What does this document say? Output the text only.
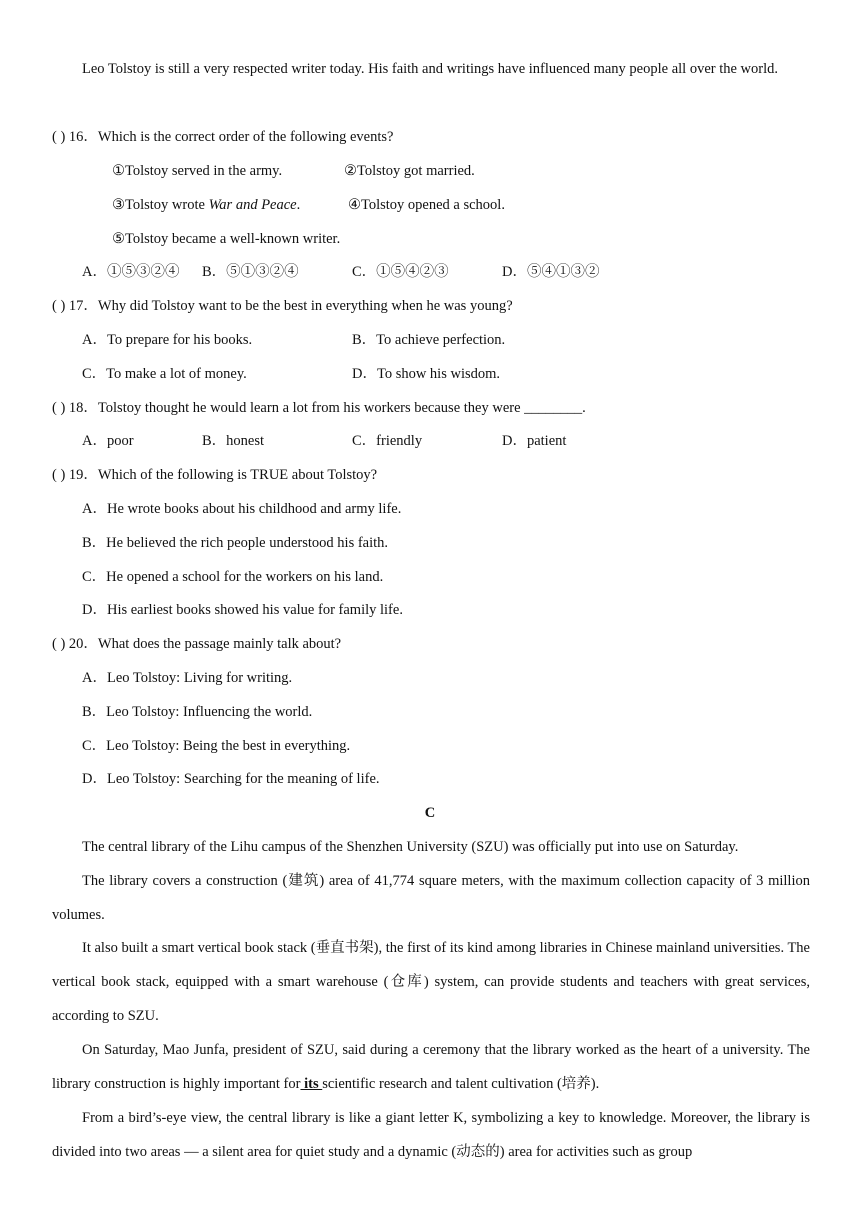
Leo Tolstoy is still a very respected writer today. His faith and writings have influenced many people all over the world.
( ) 16．Which is the correct order of the following events?
①Tolstoy served in the army.	②Tolstoy got married.
③Tolstoy wrote War and Peace.	④Tolstoy opened a school.
⑤Tolstoy became a well-known writer.
A．①⑤③②④ B．⑤①③②④	C．①⑤④②③	D．⑤④①③②
( ) 17．Why did Tolstoy want to be the best in everything when he was young?
A．To prepare for his books.	B．To achieve perfection.
C．To make a lot of money.	D．To show his wisdom.
( ) 18．Tolstoy thought he would learn a lot from his workers because they were ________.
A．poor	B．honest	C．friendly	D．patient
( ) 19．Which of the following is TRUE about Tolstoy?
A．He wrote books about his childhood and army life.
B．He believed the rich people understood his faith.
C．He opened a school for the workers on his land.
D．His earliest books showed his value for family life.
( ) 20．What does the passage mainly talk about?
A．Leo Tolstoy: Living for writing.
B．Leo Tolstoy: Influencing the world.
C．Leo Tolstoy: Being the best in everything.
D．Leo Tolstoy: Searching for the meaning of life.
C
The central library of the Lihu campus of the Shenzhen University (SZU) was officially put into use on Saturday.
The library covers a construction (建筑) area of 41,774 square meters, with the maximum collection capacity of 3 million volumes.
It also built a smart vertical book stack (垂直书架), the first of its kind among libraries in Chinese mainland universities. The vertical book stack, equipped with a smart warehouse (仓库) system, can provide students and teachers with great services, according to SZU.
On Saturday, Mao Junfa, president of SZU, said during a ceremony that the library worked as the heart of a university. The library construction is highly important for its scientific research and talent cultivation (培养).
From a bird’s-eye view, the central library is like a giant letter K, symbolizing a key to knowledge. Moreover, the library is divided into two areas — a silent area for quiet study and a dynamic (动态的) area for activities such as group
